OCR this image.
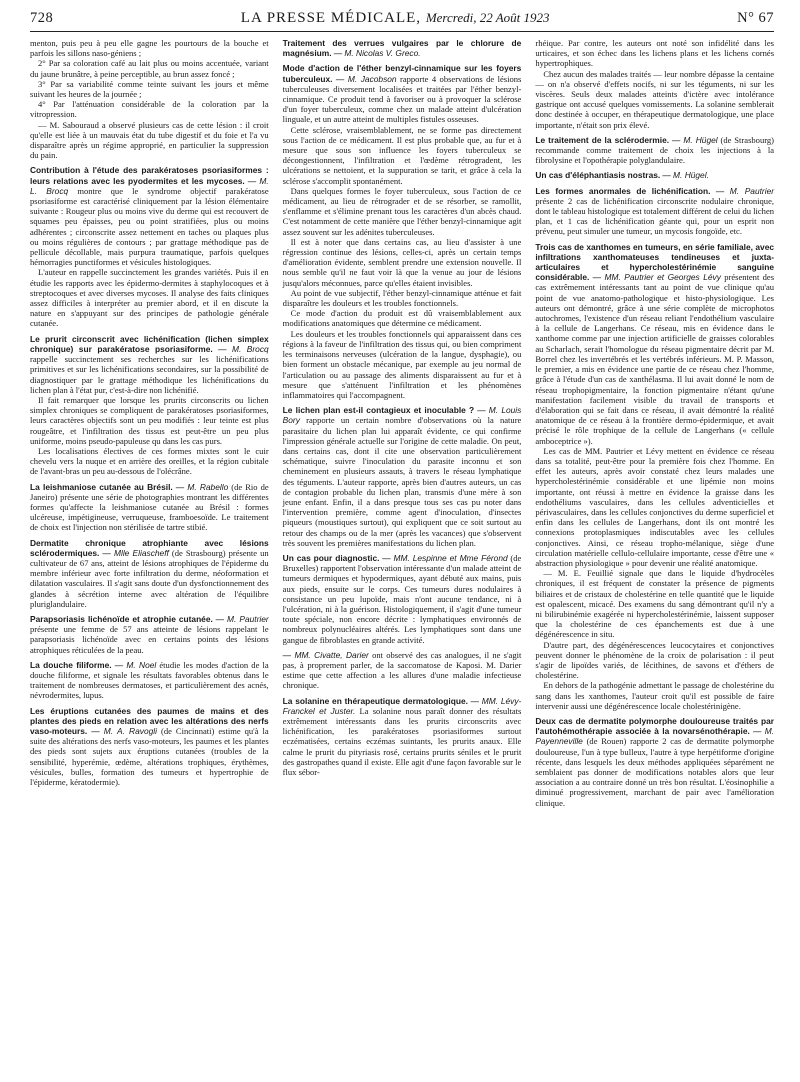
728	LA PRESSE MÉDICALE, Mercredi, 22 Août 1923	N° 67

menton, puis peu à peu elle gagne les pourtours de la bouche et parfois les sillons naso-géniens ;

2° Par sa coloration café au lait plus ou moins accentuée, variant du jaune brunâtre, à peine perceptible, au brun assez foncé ;

3° Par sa variabilité comme teinte suivant les jours et même suivant les heures de la journée ;

4° Par l'atténuation considérable de la coloration par la vitropression.

— M. Sabouraud a observé plusieurs cas de cette lésion : il croit qu'elle est liée à un mauvais état du tube digestif et du foie et l'a vu disparaître après un régime approprié, en particulier la suppression du pain.

Contribution à l'étude des parakératoses psoriasiformes : leurs relations avec les pyodermites et les mycoses. — M. L. Brocq montre que le syndrome objectif parakératose psoriasiforme est caractérisé cliniquement par la lésion élémentaire suivante : Rougeur plus ou moins vive du derme qui est recouvert de squames peu épaisses, peu ou point stratifiées, plus ou moins adhérentes ; circonscrite assez nettement en taches ou plaques plus ou moins régulières de contours ; par grattage méthodique pas de pellicule décollable, mais purpura traumatique, parfois quelques hémorragies punctiformes et vésicules histologiques.

L'auteur en rappelle succinctement les grandes variétés. Puis il en étudie les rapports avec les épidermo-dermites à staphylocoques et à streptocoques et avec diverses mycoses. Il analyse des faits cliniques assez difficiles à interpréter au premier abord, et il en discute la nature en s'appuyant sur des principes de pathologie générale cutanée.

Le prurit circonscrit avec lichénification (lichen simplex chronique) sur parakératose psoriasiforme. — M. Brocq rappelle succinctement ses recherches sur les lichénifications primitives et sur les lichénifications secondaires, sur la possibilité de diagnostiquer par le grattage méthodique les lichénifications du lichen plan à l'état pur, c'est-à-dire non lichénifié.

Il fait remarquer que lorsque les prurits circonscrits ou lichen simplex chroniques se compliquent de parakératoses psoriasiformes, leurs caractères objectifs sont un peu modifiés : leur teinte est plus rougeâtre, et l'infiltration des tissus est peut-être un peu plus uniforme, moins pseudo-papuleuse qu dans les cas purs.

Les localisations électives de ces formes mixtes sont le cuir chevelu vers la nuque et en arrière des oreilles, et la région cubitale de l'avant-bras un peu au-dessous de l'olécrâne.

La leishmaniose cutanée au Brésil. — M. Rabello (de Rio de Janeiro) présente une série de photographies montrant les différentes formes qu'affecte la leishmaniose cutanée au Brésil : formes ulcéreuse, impétigineuse, verruqueuse, framboesoïde. Le traitement de choix est l'injection non stérilisée de tartre stibié.

Dermatite chronique atrophiante avec lésions sclérodermiques. — Mlle Eliascheff (de Strasbourg) présente un cultivateur de 67 ans, atteint de lésions atrophiques de l'épiderme du membre inférieur avec forte infiltration du derme, néoformation et dilatation vasculaires. Il s'agit sans doute d'un dysfonctionnement des glandes à sécrétion interne avec altération de l'équilibre pluriglandulaire.

Parapsoriasis lichénoïde et atrophie cutanée. — M. Pautrier présente une femme de 57 ans atteinte de lésions rappelant le parapsoriasis lichénoïde avec en certains points des lésions atrophiques réticulées de la peau.

La douche filiforme. — M. Noel étudie les modes d'action de la douche filiforme, et signale les résultats favorables obtenus dans le traitement de nombreuses dermatoses, et particulièrement des acnés, névrodermites, lupus.

Les éruptions cutanées des paumes de mains et des plantes des pieds en relation avec les altérations des nerfs vaso-moteurs. — M. A. Ravogli (de Cincinnati) estime qu'à la suite des altérations des nerfs vaso-moteurs, les paumes et les plantes des pieds sont sujets aux éruptions cutanées (troubles de la sensibilité, hyperémie, œdème, altérations trophiques, érythèmes, vésicules, bulles, formation des tumeurs et hypertrophie de l'épiderme, kératodermie).

Traitement des verrues vulgaires par le chlorure de magnésium. — M. Nicolas V. Greco.

Mode d'action de l'éther benzyl-cinnamique sur les foyers tuberculeux. — M. Jacobson rapporte 4 observations de lésions tuberculeuses diversement localisées et traitées par l'éther benzyl-cinnamique. Ce produit tend à favoriser ou à provoquer la sclérose d'un foyer tuberculeux, comme chez un malade atteint d'ulcération linguale, et un autre atteint de multiples fistules osseuses.

Cette sclérose, vraisemblablement, ne se forme pas directement sous l'action de ce médicament. Il est plus probable que, au fur et à mesure que sous son influence les foyers tuberculeux se décongestionnent, l'infiltration et l'œdème rétrogradent, les ulcérations se nettoient, et la suppuration se tarit, et grâce à cela la sclérose s'accomplit spontanément.

Dans quelques formes le foyer tuberculeux, sous l'action de ce médicament, au lieu de rétrograder et de se résorber, se ramollit, s'enflamme et s'élimine prenant tous les caractères d'un abcès chaud. C'est notamment de cette manière que l'éther benzyl-cinnamique agit assez souvent sur les adénites tuberculeuses.

Il est à noter que dans certains cas, au lieu d'assister à une régression continue des lésions, celles-ci, après un certain temps d'amélioration évidente, semblent prendre une extension nouvelle. Il nous semble qu'il ne faut voir là que la venue au jour de lésions jusqu'alors méconnues, parce qu'elles étaient invisibles.

Au point de vue subjectif, l'éther benzyl-cinnamique atténue et fait disparaître les douleurs et les troubles fonctionnels.

Ce mode d'action du produit est dû vraisemblablement aux modifications anatomiques que détermine ce médicament.

Les douleurs et les troubles fonctionnels qui apparaissent dans ces régions à la faveur de l'infiltration des tissus qui, ou bien compriment les terminaisons nerveuses (ulcération de la langue, dysphagie), ou bien forment un obstacle mécanique, par exemple au jeu normal de l'articulation ou au passage des aliments disparaissent au fur et à mesure que s'atténuent l'infiltration et les phénomènes inflammatoires qui l'accompagnent.

Le lichen plan est-il contagieux et inoculable ? — M. Louis Bory rapporte un certain nombre d'observations où la nature parasitaire du lichen plan lui apparaît évidente, ce qui confirme l'impression générale actuelle sur l'origine de cette maladie. On peut, dans certains cas, dont il cite une observation particulièrement schématique, suivre l'inoculation du parasite inconnu et son cheminement en plusieurs assauts, à travers le réseau lymphatique des téguments. L'auteur rapporte, après bien d'autres auteurs, un cas de contagion probable du lichen plan, transmis d'une mère à son jeune enfant. Enfin, il a dans presque tous ses cas pu noter dans l'intervention première, comme agent d'inoculation, d'insectes piqueurs (moustiques surtout), qui expliquent que ce soit surtout au retour des champs ou de la mer (après les vacances) que s'observent très souvent les premières manifestations du lichen plan.

Un cas pour diagnostic. — MM. Lespinne et Mme Férond (de Bruxelles) rapportent l'observation intéressante d'un malade atteint de tumeurs dermiques et hypodermiques, ayant débuté aux mains, puis aux pieds, ensuite sur le corps. Ces tumeurs dures nodulaires à consistance un peu lupoïde, mais n'ont aucune tendance, ni à l'ulcération, ni à la guérison. Histologiquement, il s'agit d'une tumeur toute spéciale, non encore décrite : lymphatiques environnés de nombreux polynucléaires altérés. Les lymphatiques sont dans une gangue de fibroblastes en grande activité.

— MM. Civatte, Darier ont observé des cas analogues, il ne s'agit pas, à proprement parler, de la saccomatose de Kaposi. M. Darier estime que cette affection a les allures d'une maladie infectieuse chronique.

La solanine en thérapeutique dermatologique. — MM. Lévy-Franckel et Juster. La solanine nous paraît donner des résultats extrêmement intéressants dans les prurits circonscrits avec lichénification, les parakératoses psoriasiformes surtout eczématisées, certains eczémas suintants, les prurits anaux. Elle calme le prurit du pityriasis rosé, certains prurits séniles et le prurit des gastropathes quand il existe. Elle agit d'une façon favorable sur le flux sébor-

rhéique. Par contre, les auteurs ont noté son infidélité dans les urticaires, et son échec dans les lichens plans et les lichens cornés hypertrophiques.

Chez aucun des malades traités — leur nombre dépasse la centaine — on n'a observé d'effets nocifs, ni sur les téguments, ni sur les viscères. Seuls deux malades atteints d'ictère avec intolérance gastrique ont accusé quelques vomissements. La solanine semblerait donc destinée à occuper, en thérapeutique dermatologique, une place importante, n'était son prix élevé.

Le traitement de la sclérodermie. — M. Hügel (de Strasbourg) recommande comme traitement de choix les injections à la fibrolysine et l'opothérapie polyglandulaire.

Un cas d'éléphantiasis nostras. — M. Hügel.

Les formes anormales de lichénification. — M. Pautrier présente 2 cas de lichénification circonscrite nodulaire chronique, dont le tableau histologique est totalement différent de celui du lichen plan, et 1 cas de lichénification géante qui, pour un esprit non prévenu, peut simuler une tumeur, un mycosis fongoïde, etc.

Trois cas de xanthomes en tumeurs, en série familiale, avec infiltrations xanthomateuses tendineuses et juxta-articulaires et hypercholestérinémie sanguine considérable. — MM. Pautrier et Georges Lévy présentent des cas extrêmement intéressants tant au point de vue clinique qu'au point de vue anatomo-pathologique et histo-physiologique. Les auteurs ont démontré, grâce à une série complète de microphotos autochromes, l'existence d'un réseau reliant l'endothélium vasculaire à la cellule de Langerhans. Ce réseau, mis en évidence dans le xanthome comme par une injection artificielle de graisses colorables au Scharlach, serait l'homologue du réseau pigmentaire décrit par M. Borrel chez les invertébrés et les vertébrés inférieurs. M. P. Masson, le premier, a mis en évidence une partie de ce réseau chez l'homme, grâce à l'étude d'un cas de xanthélasma. Il lui avait donné le nom de réseau trophopigmentaire, la fonction pigmentaire n'étant qu'une manifestation facilement visible du travail de transports et d'élaboration qui se fait dans ce réseau, il avait démontré la réalité anatomique de ce réseau à la frontière dermo-épidermique, et avait précisé le rôle trophique de la cellule de Langerhans (« cellule amboceptrice »).

Les cas de MM. Pautrier et Lévy mettent en évidence ce réseau dans sa totalité, peut-être pour la première fois chez l'homme. En effet les auteurs, après avoir constaté chez leurs malades une hypercholestérinémie considérable et une lipémie non moins importante, ont réussi à mettre en évidence la graisse dans les endothéliums vasculaires, dans les cellules adventicielles et périvasculaires, dans les cellules conjonctives du derme superficiel et enfin dans les cellules de Langerhans, dont ils ont montré les connexions protoplasmiques indiscutables avec les cellules conjonctives. Ainsi, ce réseau tropho-mélanique, siège d'une circulation matérielle cellulo-cellulaire importante, cesse d'être une « abstraction physiologique » pour devenir une réalité anatomique.

— M. E. Feuillié signale que dans le liquide d'hydrocèles chroniques, il est fréquent de constater la présence de pigments biliaires et de cristaux de cholestérine en telle quantité que le liquide est opalescent, micacé. Des examens du sang démontrant qu'il n'y a ni bilirubinémie exagérée ni hypercholestérinémie, laissent supposer que la cholestérine de ces épanchements est due à une dégénérescence in situ.

D'autre part, des dégénérescences leucocytaires et conjonctives peuvent donner le phénomène de la croix de polarisation : il peut s'agir de lipoïdes variés, de lécithines, de savons et d'éthers de cholestérine.

En dehors de la pathogénie admettant le passage de cholestérine du sang dans les xanthomes, l'auteur croit qu'il est possible de faire intervenir aussi une dégénérescence locale cholestérinigène.

Deux cas de dermatite polymorphe douloureuse traités par l'autohémothérapie associée à la novarsénothérapie. — M. Payenneville (de Rouen) rapporte 2 cas de dermatite polymorphe douloureuse, l'un à type bulleux, l'autre à type herpétiforme d'origine récente, dans lesquels les deux méthodes appliquées séparément ne semblaient pas donner de modifications notables alors que leur association a au contraire donné un très bon résultat. L'éosinophilie a diminué progressivement, marchant de pair avec l'amélioration clinique.
